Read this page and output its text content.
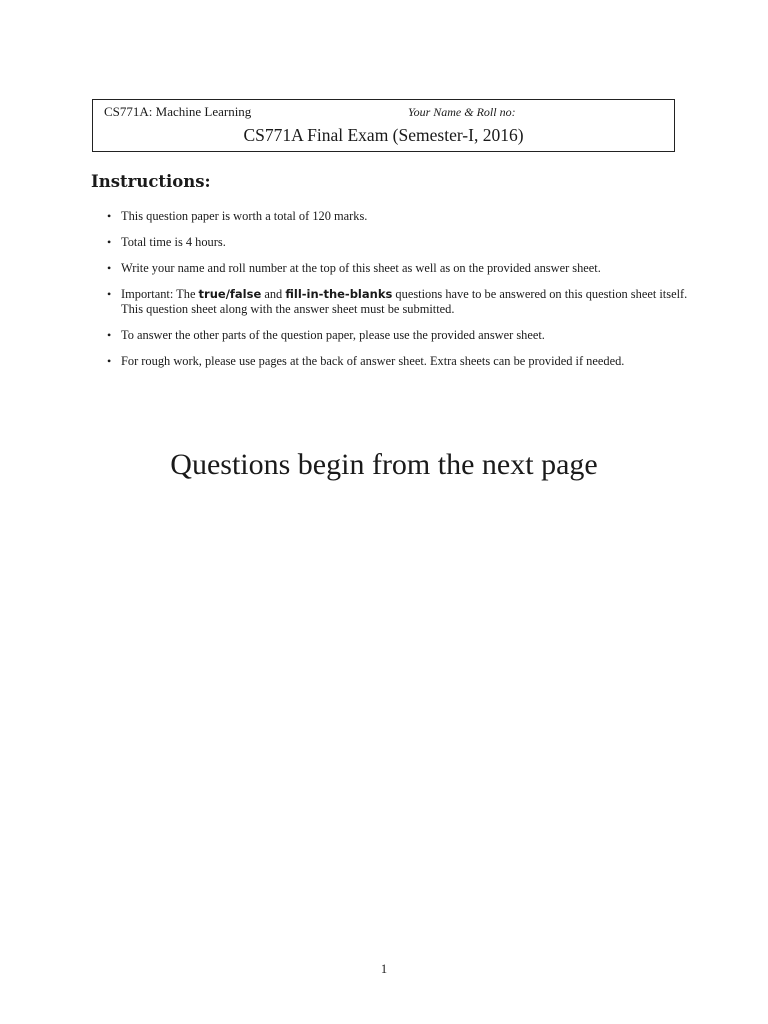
CS771A: Machine Learning	Your Name & Roll no:
CS771A Final Exam (Semester-I, 2016)
Instructions:
• This question paper is worth a total of 120 marks.
• Total time is 4 hours.
• Write your name and roll number at the top of this sheet as well as on the provided answer sheet.
• Important: The true/false and fill-in-the-blanks questions have to be answered on this question sheet itself. This question sheet along with the answer sheet must be submitted.
• To answer the other parts of the question paper, please use the provided answer sheet.
• For rough work, please use pages at the back of answer sheet. Extra sheets can be provided if needed.
Questions begin from the next page
1
